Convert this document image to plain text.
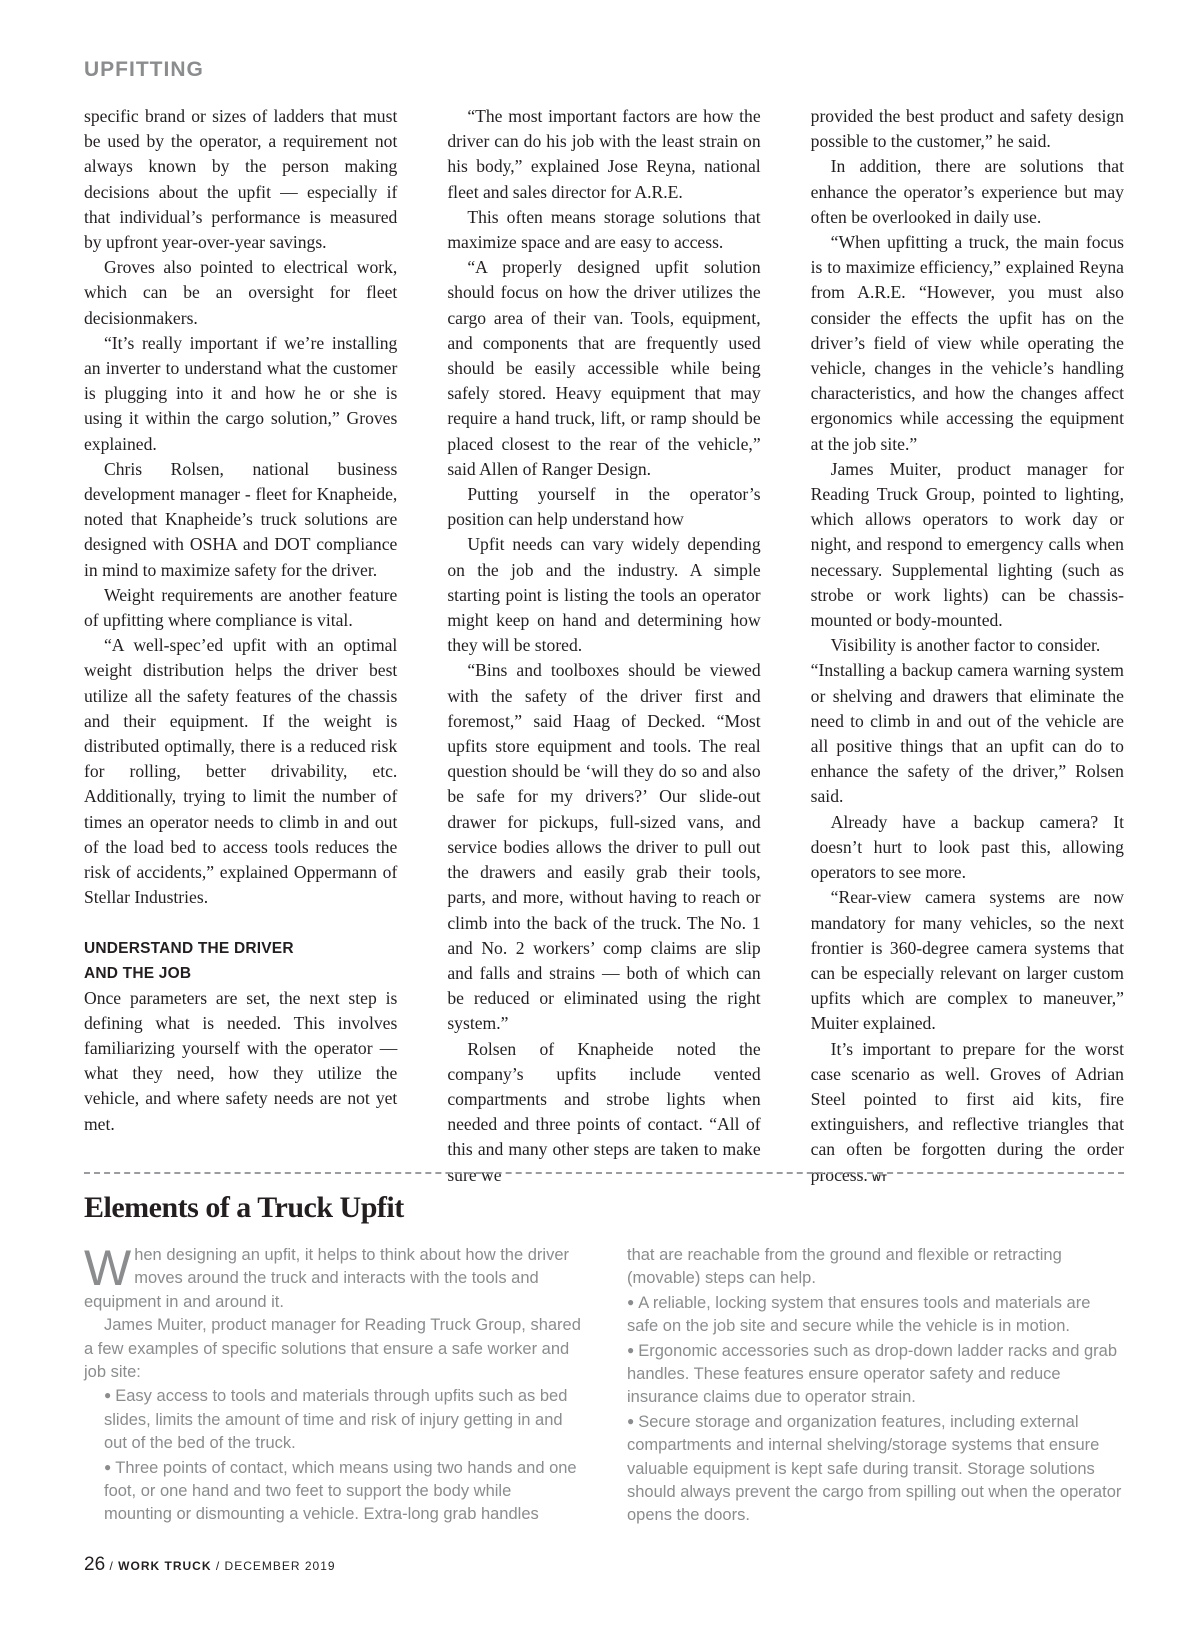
UPFITTING

specific brand or sizes of ladders that must be used by the operator, a requirement not always known by the person making decisions about the upfit — especially if that individual’s performance is measured by upfront year-over-year savings.

Groves also pointed to electrical work, which can be an oversight for fleet decisionmakers.

“It’s really important if we’re installing an inverter to understand what the customer is plugging into it and how he or she is using it within the cargo solution,” Groves explained.

Chris Rolsen, national business development manager - fleet for Knapheide, noted that Knapheide’s truck solutions are designed with OSHA and DOT compliance in mind to maximize safety for the driver.

Weight requirements are another feature of upfitting where compliance is vital.

“A well-spec’ed upfit with an optimal weight distribution helps the driver best utilize all the safety features of the chassis and their equipment. If the weight is distributed optimally, there is a reduced risk for rolling, better drivability, etc. Additionally, trying to limit the number of times an operator needs to climb in and out of the load bed to access tools reduces the risk of accidents,” explained Oppermann of Stellar Industries.

UNDERSTAND THE DRIVER
AND THE JOB

Once parameters are set, the next step is defining what is needed. This involves familiarizing yourself with the operator — what they need, how they utilize the vehicle, and where safety needs are not yet met.

“The most important factors are how the driver can do his job with the least strain on his body,” explained Jose Reyna, national fleet and sales director for A.R.E.

This often means storage solutions that maximize space and are easy to access.

“A properly designed upfit solution should focus on how the driver utilizes the cargo area of their van. Tools, equipment, and components that are frequently used should be easily accessible while being safely stored. Heavy equipment that may require a hand truck, lift, or ramp should be placed closest to the rear of the vehicle,” said Allen of Ranger Design.

Putting yourself in the operator’s position can help understand how

Upfit needs can vary widely depending on the job and the industry. A simple starting point is listing the tools an operator might keep on hand and determining how they will be stored.

“Bins and toolboxes should be viewed with the safety of the driver first and foremost,” said Haag of Decked. “Most upfits store equipment and tools. The real question should be ‘will they do so and also be safe for my drivers?’ Our slide-out drawer for pickups, full-sized vans, and service bodies allows the driver to pull out the drawers and easily grab their tools, parts, and more, without having to reach or climb into the back of the truck. The No. 1 and No. 2 workers’ comp claims are slip and falls and strains — both of which can be reduced or eliminated using the right system.”

Rolsen of Knapheide noted the company’s upfits include vented compartments and strobe lights when needed and three points of contact. “All of this and many other steps are taken to make sure we

provided the best product and safety design possible to the customer,” he said.

In addition, there are solutions that enhance the operator’s experience but may often be overlooked in daily use.

“When upfitting a truck, the main focus is to maximize efficiency,” explained Reyna from A.R.E. “However, you must also consider the effects the upfit has on the driver’s field of view while operating the vehicle, changes in the vehicle’s handling characteristics, and how the changes affect ergonomics while accessing the equipment at the job site.”

James Muiter, product manager for Reading Truck Group, pointed to lighting, which allows operators to work day or night, and respond to emergency calls when necessary. Supplemental lighting (such as strobe or work lights) can be chassis-mounted or body-mounted.

Visibility is another factor to consider.

“Installing a backup camera warning system or shelving and drawers that eliminate the need to climb in and out of the vehicle are all positive things that an upfit can do to enhance the safety of the driver,” Rolsen said.

Already have a backup camera? It doesn’t hurt to look past this, allowing operators to see more.

“Rear-view camera systems are now mandatory for many vehicles, so the next frontier is 360-degree camera systems that can be especially relevant on larger custom upfits which are complex to maneuver,” Muiter explained.

It’s important to prepare for the worst case scenario as well. Groves of Adrian Steel pointed to first aid kits, fire extinguishers, and reflective triangles that can often be forgotten during the order process. WT

Elements of a Truck Upfit

When designing an upfit, it helps to think about how the driver moves around the truck and interacts with the tools and equipment in and around it.

James Muiter, product manager for Reading Truck Group, shared a few examples of specific solutions that ensure a safe worker and job site:

● Easy access to tools and materials through upfits such as bed slides, limits the amount of time and risk of injury getting in and out of the bed of the truck.
● Three points of contact, which means using two hands and one foot, or one hand and two feet to support the body while mounting or dismounting a vehicle. Extra-long grab handles

that are reachable from the ground and flexible or retracting (movable) steps can help.

● A reliable, locking system that ensures tools and materials are safe on the job site and secure while the vehicle is in motion.
● Ergonomic accessories such as drop-down ladder racks and grab handles. These features ensure operator safety and reduce insurance claims due to operator strain.
● Secure storage and organization features, including external compartments and internal shelving/storage systems that ensure valuable equipment is kept safe during transit. Storage solutions should always prevent the cargo from spilling out when the operator opens the doors.
26 / WORK TRUCK / DECEMBER 2019
